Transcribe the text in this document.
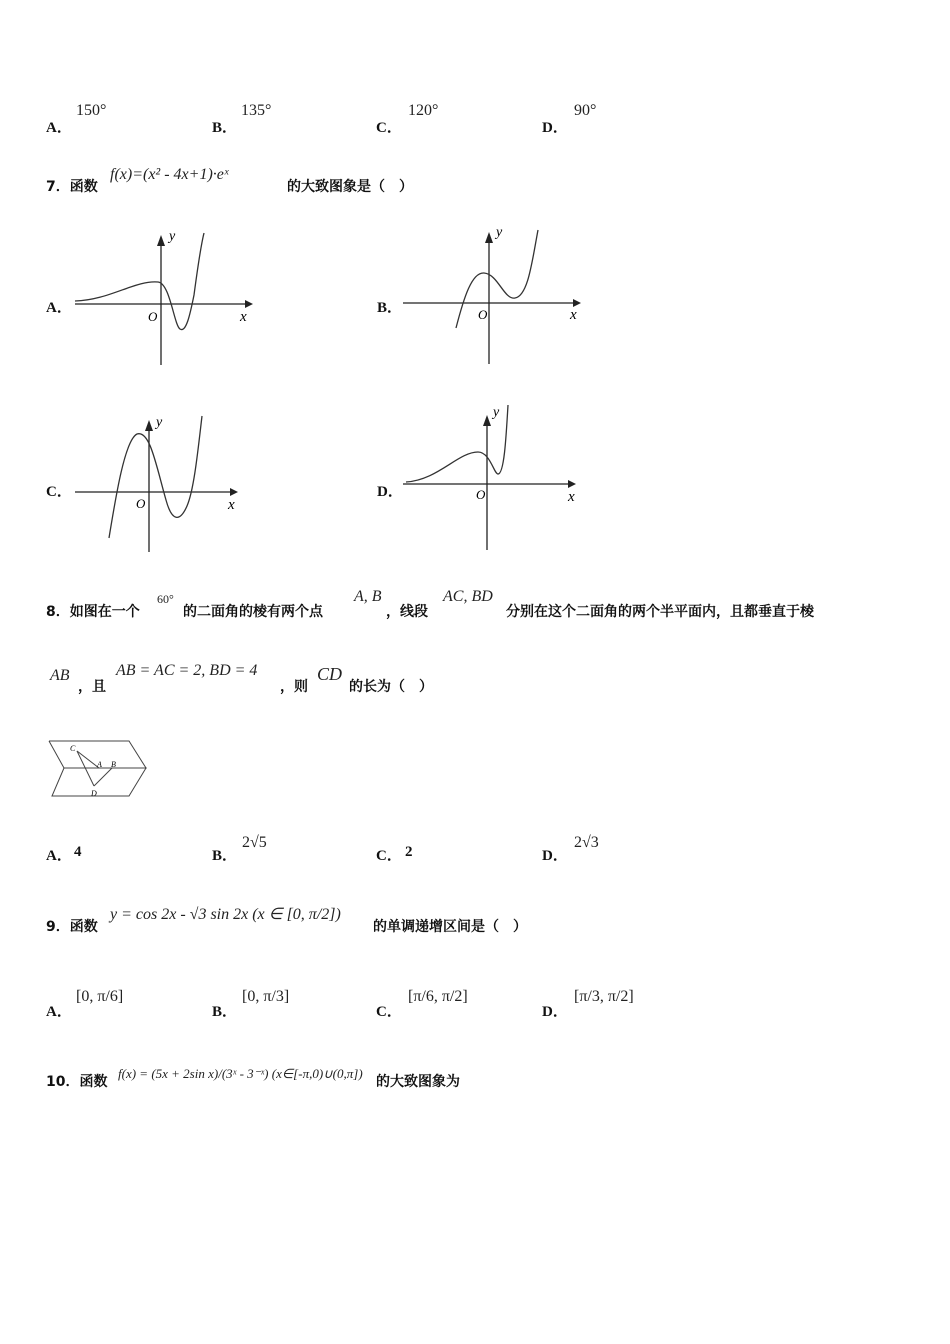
A．
150°
B．
135°
C．
120°
D．
90°
7．函数
f(x)=(x² - 4x+1)·eˣ
的大致图象是（　）
A．	B．
C．	D．
y
x
O
y
x
O
y
x
O
y
x
O
8．如图在一个
60°
的二面角的棱有两个点
A, B
，线段
AC, BD
分别在这个二面角的两个半平面内，且都垂直于棱
AB
，且
AB = AC = 2, BD = 4
，则
CD
的长为（　）
C
A B
D
A． 4	B．
2√5
C． 2	D．
2√3
9．函数
y = cos 2x - √3 sin 2x (x ∈ [0, π/2])
的单调递增区间是（　）
A．
[0, π/6]
B．
[0, π/3]
C．
[π/6, π/2]
D．
[π/3, π/2]
10．函数
f(x) = (5x + 2sin x)/(3ˣ - 3⁻ˣ) (x∈[-π,0)∪(0,π])
的大致图象为
